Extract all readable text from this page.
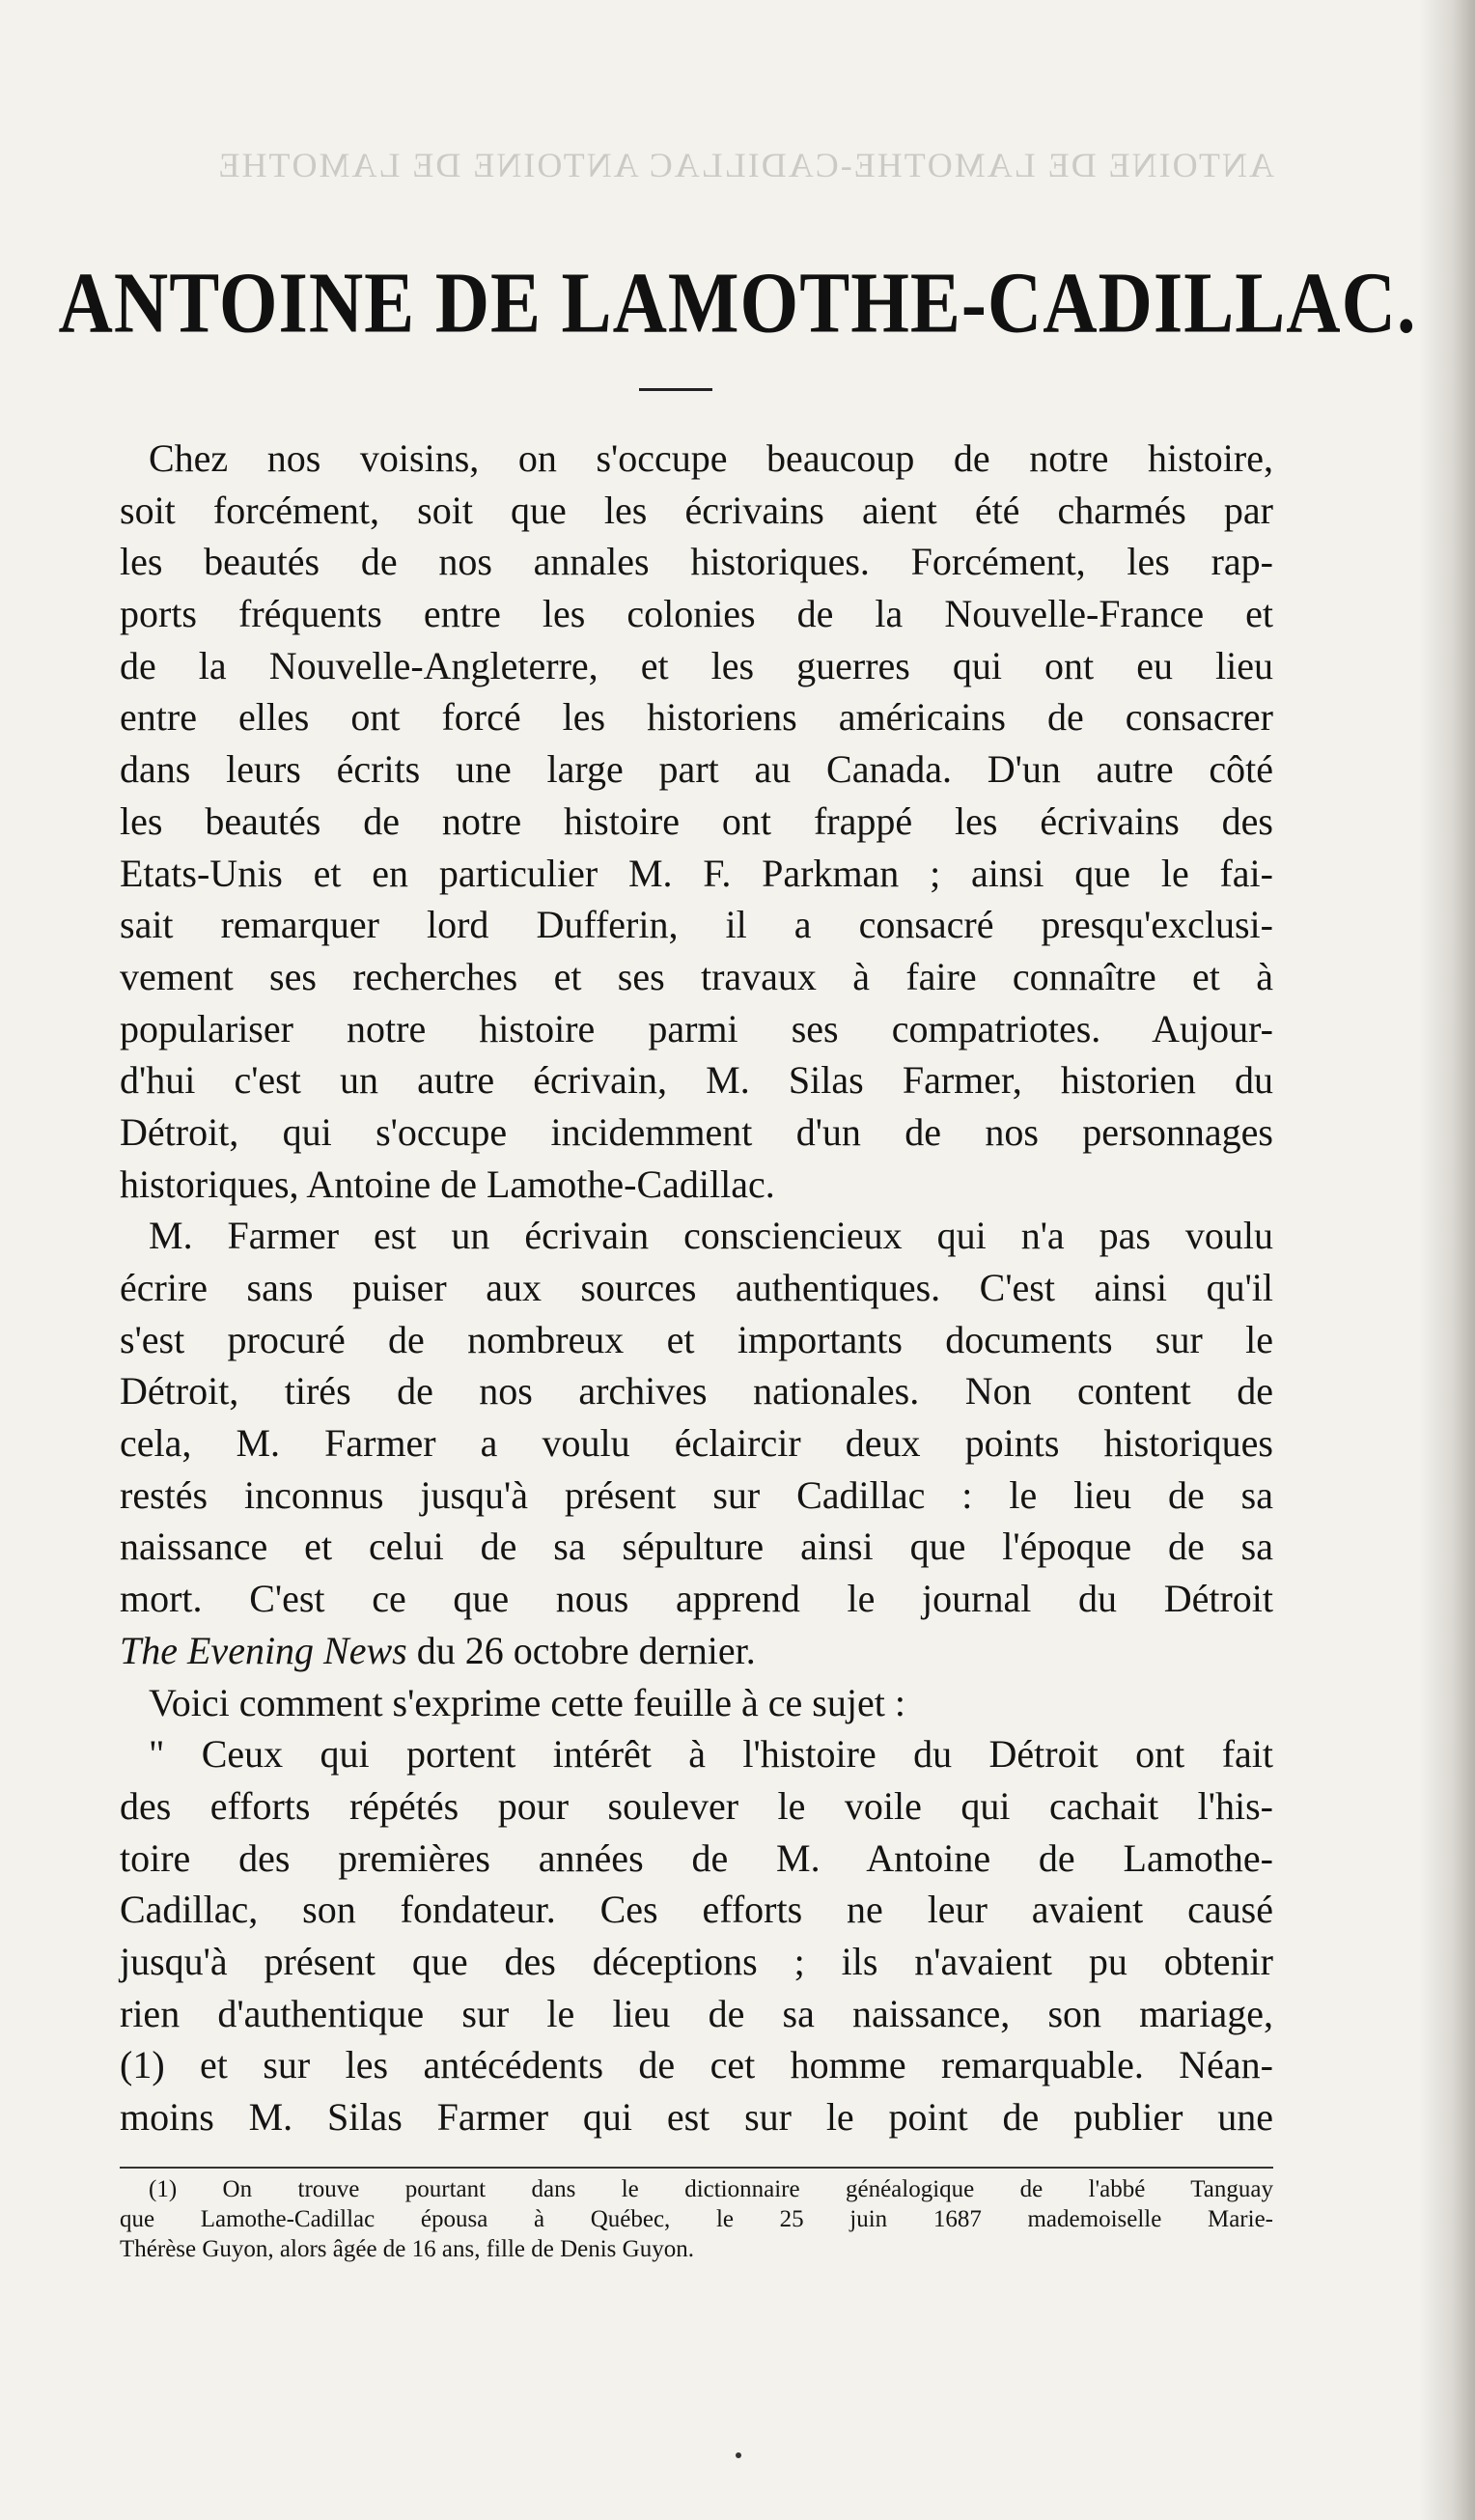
ANTOINE DE LAMOTHE-CADILLAC ANTOINE DE LAMOTHE
ANTOINE DE LAMOTHE-CADILLAC.
Chez nos voisins, on s'occupe beaucoup de notre histoire,
soit forcément, soit que les écrivains aient été charmés par
les beautés de nos annales historiques. Forcément, les rap-
ports fréquents entre les colonies de la Nouvelle-France et
de la Nouvelle-Angleterre, et les guerres qui ont eu lieu
entre elles ont forcé les historiens américains de consacrer
dans leurs écrits une large part au Canada. D'un autre côté
les beautés de notre histoire ont frappé les écrivains des
Etats-Unis et en particulier M. F. Parkman ; ainsi que le fai-
sait remarquer lord Dufferin, il a consacré presqu'exclusi-
vement ses recherches et ses travaux à faire connaître et à
populariser notre histoire parmi ses compatriotes. Aujour-
d'hui c'est un autre écrivain, M. Silas Farmer, historien du
Détroit, qui s'occupe incidemment d'un de nos personnages
historiques, Antoine de Lamothe-Cadillac.
M. Farmer est un écrivain consciencieux qui n'a pas voulu
écrire sans puiser aux sources authentiques. C'est ainsi qu'il
s'est procuré de nombreux et importants documents sur le
Détroit, tirés de nos archives nationales. Non content de
cela, M. Farmer a voulu éclaircir deux points historiques
restés inconnus jusqu'à présent sur Cadillac : le lieu de sa
naissance et celui de sa sépulture ainsi que l'époque de sa
mort. C'est ce que nous apprend le journal du Détroit
The Evening News du 26 octobre dernier.
Voici comment s'exprime cette feuille à ce sujet :
" Ceux qui portent intérêt à l'histoire du Détroit ont fait
des efforts répétés pour soulever le voile qui cachait l'his-
toire des premières années de M. Antoine de Lamothe-
Cadillac, son fondateur. Ces efforts ne leur avaient causé
jusqu'à présent que des déceptions ; ils n'avaient pu obtenir
rien d'authentique sur le lieu de sa naissance, son mariage,
(1) et sur les antécédents de cet homme remarquable. Néan-
moins M. Silas Farmer qui est sur le point de publier une
(1) On trouve pourtant dans le dictionnaire généalogique de l'abbé Tanguay
que Lamothe-Cadillac épousa à Québec, le 25 juin 1687 mademoiselle Marie-
Thérèse Guyon, alors âgée de 16 ans, fille de Denis Guyon.
